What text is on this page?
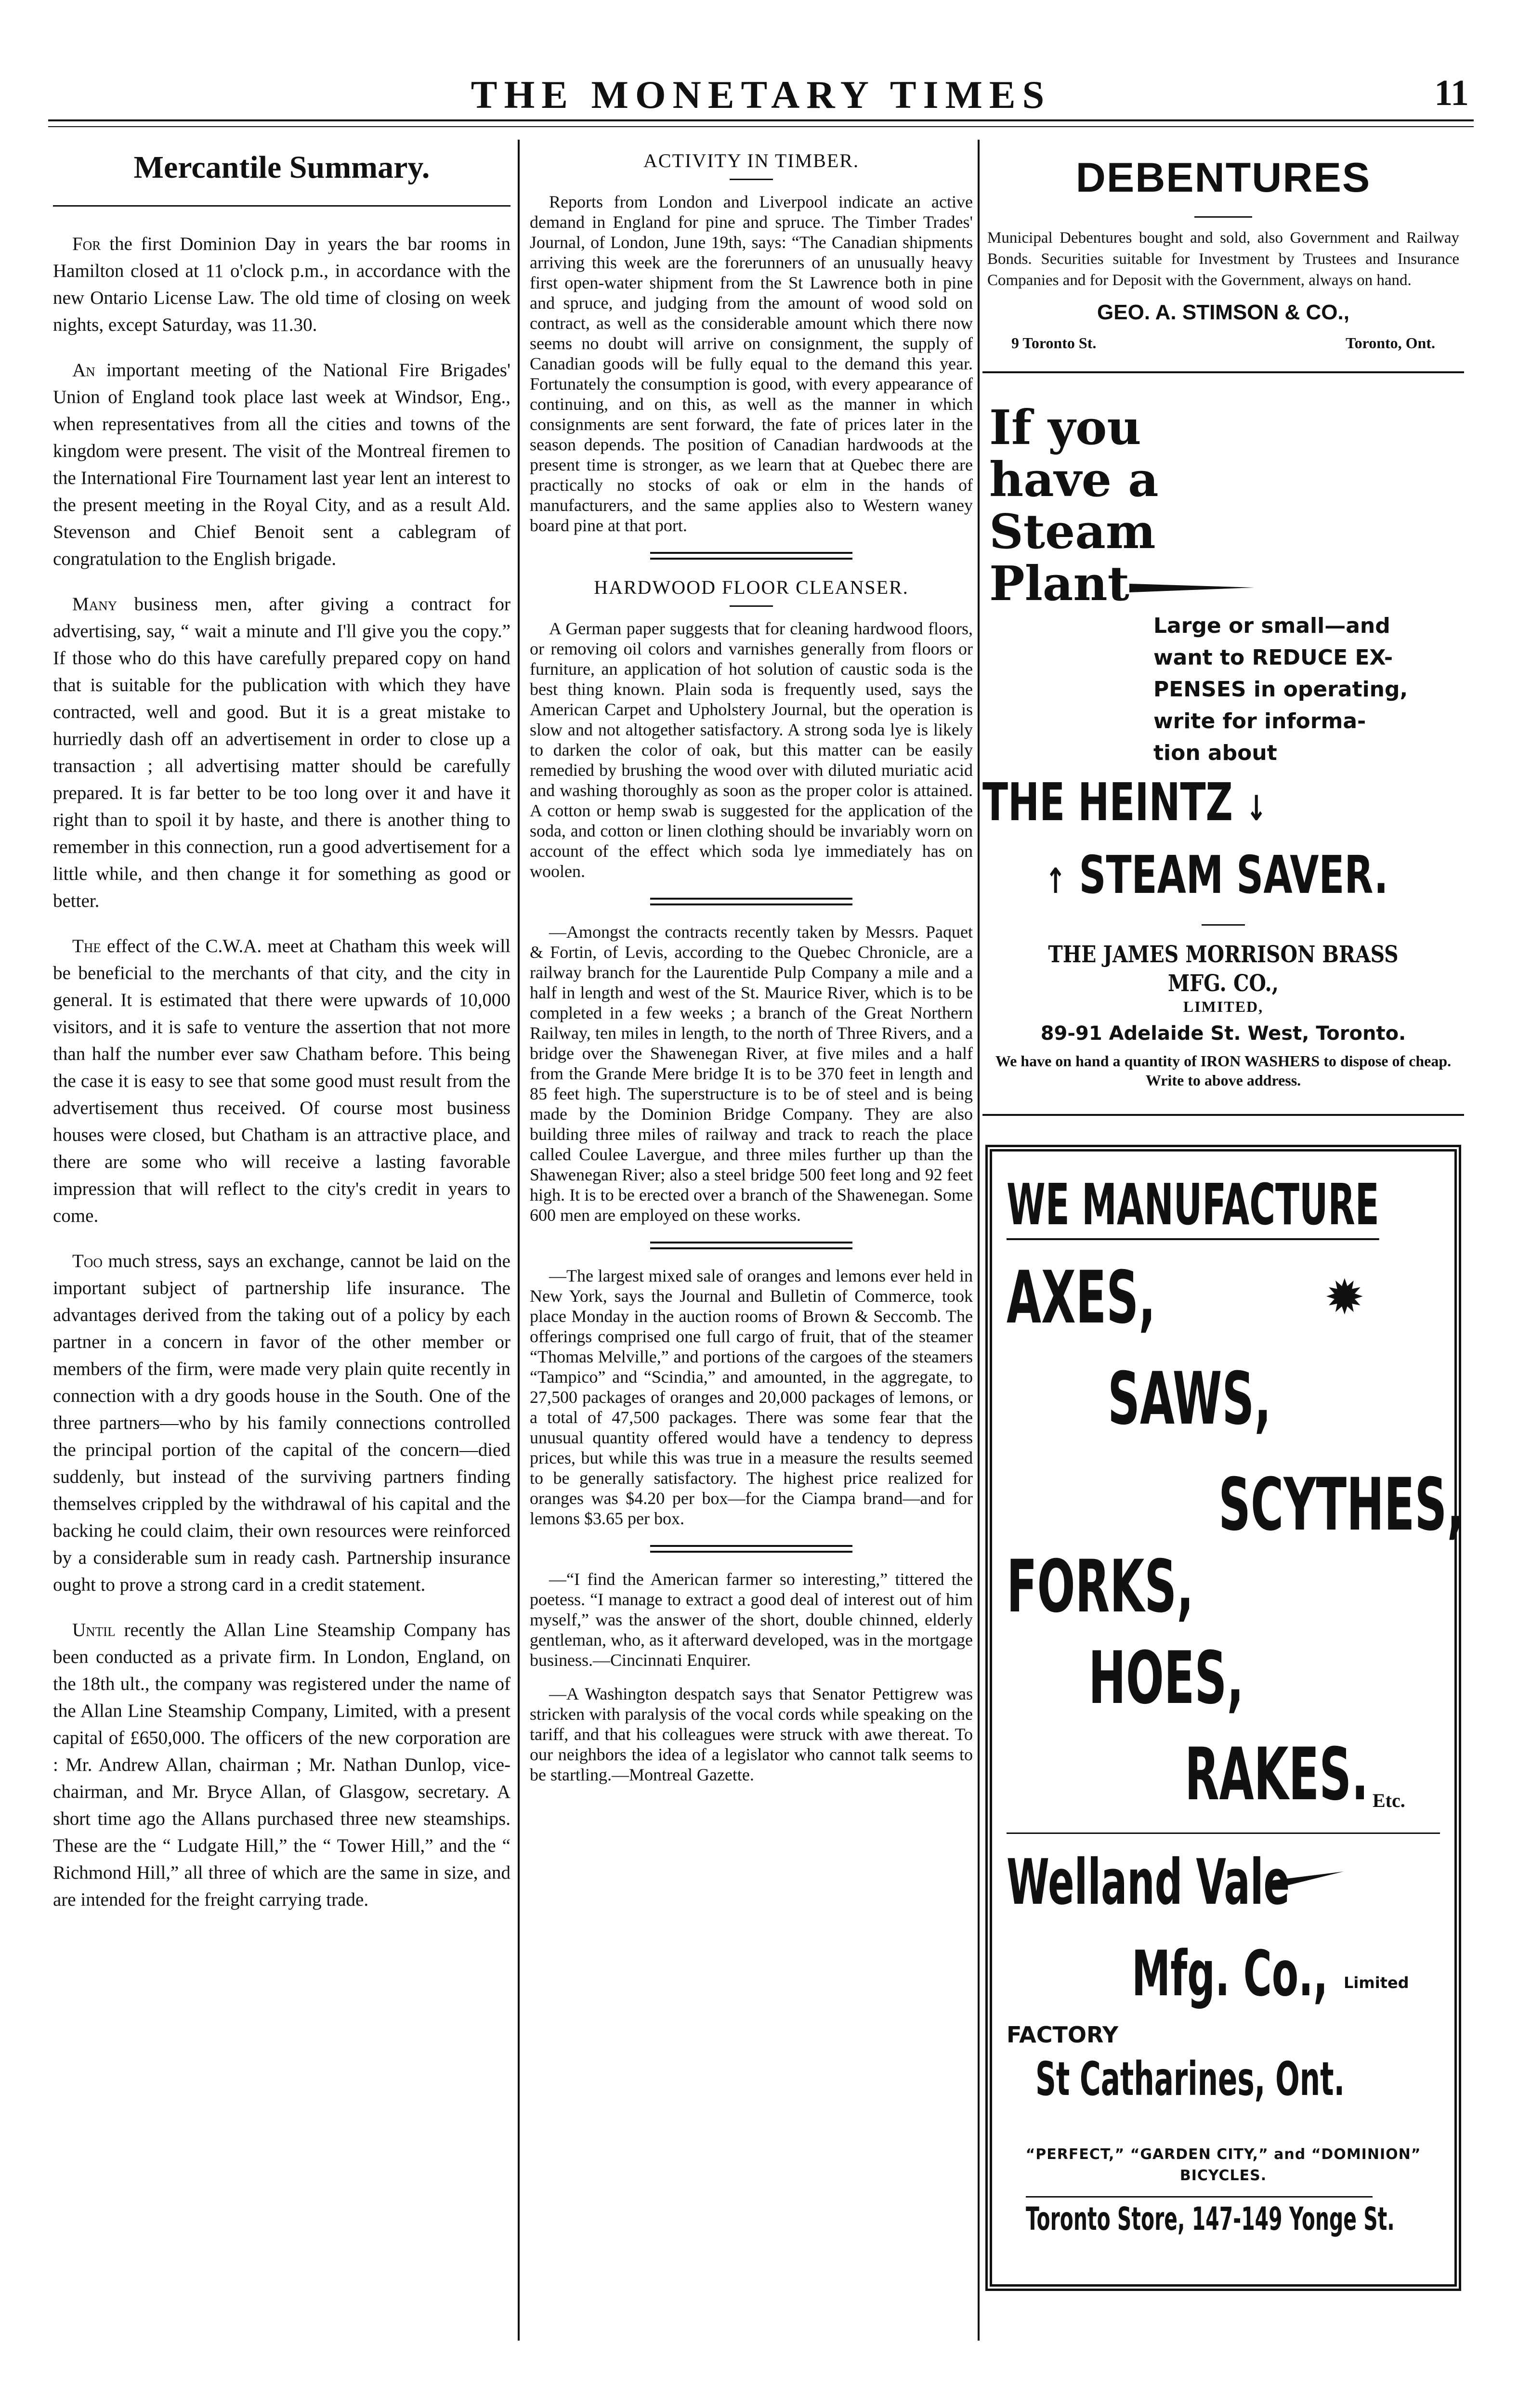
THE MONETARY TIMES	11
Mercantile Summary.

For the first Dominion Day in years the bar rooms in Hamilton closed at 11 o'clock p.m., in accordance with the new Ontario License Law. The old time of closing on week nights, except Saturday, was 11.30.

An important meeting of the National Fire Brigades' Union of England took place last week at Windsor, Eng., when representatives from all the cities and towns of the kingdom were present. The visit of the Montreal firemen to the International Fire Tournament last year lent an interest to the present meeting in the Royal City, and as a result Ald. Stevenson and Chief Benoit sent a cablegram of congratulation to the English brigade.

Many business men, after giving a contract for advertising, say, “ wait a minute and I'll give you the copy.” If those who do this have carefully prepared copy on hand that is suitable for the publication with which they have contracted, well and good. But it is a great mistake to hurriedly dash off an advertisement in order to close up a transaction ; all advertising matter should be carefully prepared. It is far better to be too long over it and have it right than to spoil it by haste, and there is another thing to remember in this connection, run a good advertisement for a little while, and then change it for something as good or better.

The effect of the C.W.A. meet at Chatham this week will be beneficial to the merchants of that city, and the city in general. It is estimated that there were upwards of 10,000 visitors, and it is safe to venture the assertion that not more than half the number ever saw Chatham before. This being the case it is easy to see that some good must result from the advertisement thus received. Of course most business houses were closed, but Chatham is an attractive place, and there are some who will receive a lasting favorable impression that will reflect to the city's credit in years to come.

Too much stress, says an exchange, cannot be laid on the important subject of partnership life insurance. The advantages derived from the taking out of a policy by each partner in a concern in favor of the other member or members of the firm, were made very plain quite recently in connection with a dry goods house in the South. One of the three partners—who by his family connections controlled the principal portion of the capital of the concern—died suddenly, but instead of the surviving partners finding themselves crippled by the withdrawal of his capital and the backing he could claim, their own resources were reinforced by a considerable sum in ready cash. Partnership insurance ought to prove a strong card in a credit statement.

Until recently the Allan Line Steamship Company has been conducted as a private firm. In London, England, on the 18th ult., the company was registered under the name of the Allan Line Steamship Company, Limited, with a present capital of £650,000. The officers of the new corporation are : Mr. Andrew Allan, chairman ; Mr. Nathan Dunlop, vice-chairman, and Mr. Bryce Allan, of Glasgow, secretary. A short time ago the Allans purchased three new steamships. These are the “ Ludgate Hill,” the “ Tower Hill,” and the “ Richmond Hill,” all three of which are the same in size, and are intended for the freight carrying trade.

ACTIVITY IN TIMBER.

Reports from London and Liverpool indicate an active demand in England for pine and spruce. The Timber Trades' Journal, of London, June 19th, says: “The Canadian shipments arriving this week are the forerunners of an unusually heavy first open-water shipment from the St Lawrence both in pine and spruce, and judging from the amount of wood sold on contract, as well as the considerable amount which there now seems no doubt will arrive on consignment, the supply of Canadian goods will be fully equal to the demand this year. Fortunately the consumption is good, with every appearance of continuing, and on this, as well as the manner in which consignments are sent forward, the fate of prices later in the season depends. The position of Canadian hardwoods at the present time is stronger, as we learn that at Quebec there are practically no stocks of oak or elm in the hands of manufacturers, and the same applies also to Western waney board pine at that port.

HARDWOOD FLOOR CLEANSER.

A German paper suggests that for cleaning hardwood floors, or removing oil colors and varnishes generally from floors or furniture, an application of hot solution of caustic soda is the best thing known. Plain soda is frequently used, says the American Carpet and Upholstery Journal, but the operation is slow and not altogether satisfactory. A strong soda lye is likely to darken the color of oak, but this matter can be easily remedied by brushing the wood over with diluted muriatic acid and washing thoroughly as soon as the proper color is attained. A cotton or hemp swab is suggested for the application of the soda, and cotton or linen clothing should be invariably worn on account of the effect which soda lye immediately has on woolen.

—Amongst the contracts recently taken by Messrs. Paquet & Fortin, of Levis, according to the Quebec Chronicle, are a railway branch for the Laurentide Pulp Company a mile and a half in length and west of the St. Maurice River, which is to be completed in a few weeks ; a branch of the Great Northern Railway, ten miles in length, to the north of Three Rivers, and a bridge over the Shawenegan River, at five miles and a half from the Grande Mere bridge It is to be 370 feet in length and 85 feet high. The superstructure is to be of steel and is being made by the Dominion Bridge Company. They are also building three miles of railway and track to reach the place called Coulee Lavergue, and three miles further up than the Shawenegan River; also a steel bridge 500 feet long and 92 feet high. It is to be erected over a branch of the Shawenegan. Some 600 men are employed on these works.

—The largest mixed sale of oranges and lemons ever held in New York, says the Journal and Bulletin of Commerce, took place Monday in the auction rooms of Brown & Seccomb. The offerings comprised one full cargo of fruit, that of the steamer “Thomas Melville,” and portions of the cargoes of the steamers “Tampico” and “Scindia,” and amounted, in the aggregate, to 27,500 packages of oranges and 20,000 packages of lemons, or a total of 47,500 packages. There was some fear that the unusual quantity offered would have a tendency to depress prices, but while this was true in a measure the results seemed to be generally satisfactory. The highest price realized for oranges was $4.20 per box—for the Ciampa brand—and for lemons $3.65 per box.

—“I find the American farmer so interesting,” tittered the poetess. “I manage to extract a good deal of interest out of him myself,” was the answer of the short, double chinned, elderly gentleman, who, as it afterward developed, was in the mortgage business.—Cincinnati Enquirer.

—A Washington despatch says that Senator Pettigrew was stricken with paralysis of the vocal cords while speaking on the tariff, and that his colleagues were struck with awe thereat. To our neighbors the idea of a legislator who cannot talk seems to be startling.—Montreal Gazette.

DEBENTURES
Municipal Debentures bought and sold, also Government and Railway Bonds. Securities suitable for Investment by Trustees and Insurance Companies and for Deposit with the Government, always on hand.
GEO. A. STIMSON & CO.,
9 Toronto St.	Toronto, Ont.
If you
have a
Steam
Plant
Large or small—and
want to REDUCE EX-
PENSES in operating,
write for informa-
tion about
THE HEINTZ ↓
↑ STEAM SAVER.
THE JAMES MORRISON BRASS MFG. CO.,
LIMITED,
89-91 Adelaide St. West, Toronto.
We have on hand a quantity of IRON WASHERS to dispose of cheap. Write to above address.
WE MANUFACTURE
AXES,	✹
SAWS,
SCYTHES,
FORKS,
HOES,
RAKES. Etc.
Welland Vale
Mfg. Co., Limited
FACTORY
St Catharines, Ont.
“PERFECT,” “GARDEN CITY,” and “DOMINION” BICYCLES.
Toronto Store, 147-149 Yonge St.
